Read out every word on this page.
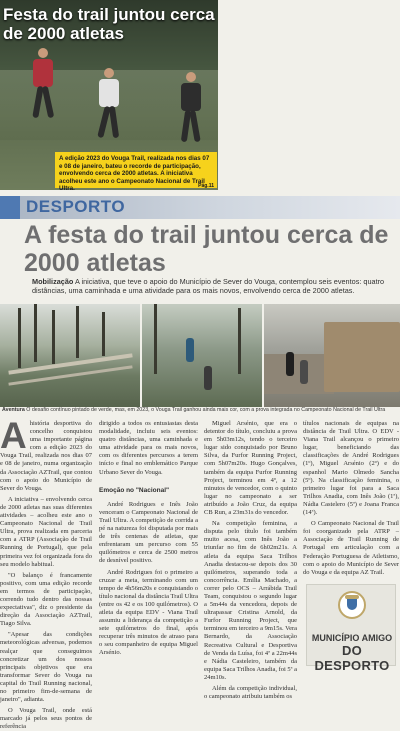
Festa do trail juntou cerca de 2000 atletas
A edição 2023 do Vouga Trail, realizada nos dias 07 e 08 de janeiro, bateu o recorde de participação, envolvendo cerca de 2000 atletas. A iniciativa acolheu este ano o Campeonato Nacional de Trail Ultra.	Pág.11
DESPORTO
A festa do trail juntou cerca de 2000 atletas
Mobilização A iniciativa, que teve o apoio do Município de Sever do Vouga, contemplou seis eventos: quatro distâncias, uma caminhada e uma atividade para os mais novos, envolvendo cerca de 2000 atletas.
Aventura O desafio contínuo pintado de verde, mas, em 2023, o Vouga Trail ganhou ainda mais cor, com a prova integrada no Campeonato Nacional de Trail Ultra

Ahistória desportiva do concelho conquistou uma importante página com a edição 2023 do Vouga Trail, realizada nos dias 07 e 08 de janeiro, numa organização da Associação AZTrail, que contou com o apoio do Município de Sever do Vouga.

A iniciativa – envolvendo cerca de 2000 atletas nas suas diferentes atividades – acolheu este ano o Campeonato Nacional de Trail Ultra, prova realizada em parceria com a ATRP (Associação de Trail Running de Portugal), que pela primeira vez foi organizada fora do seu modelo habitual.

"O balanço é francamente positivo, com uma edição recorde em termos de participação, correndo tudo dentro das nossas expectativas", diz o presidente da direção da Associação AZTrail, Tiago Silva.

"Apesar das condições meteorológicas adversas, podemos realçar que conseguimos concretizar um dos nossos principais objetivos que era transformar Sever do Vouga na capital do Trail Running nacional, no primeiro fim-de-semana de janeiro", adianta.

O Vouga Trail, onde está marcado já pelos seus pontos de referência

dirigido a todos os entusiastas desta modalidade, incluiu seis eventos: quatro distâncias, uma caminhada e uma atividade para os mais novos, com os diferentes percursos a terem início e final no emblemático Parque Urbano Sever do Vouga.

Emoção no "Nacional"

André Rodrigues e Inês João venceram o Campeonato Nacional de Trail Ultra. A competição de corrida a pé na natureza foi disputada por mais de três centenas de atletas, que enfrentaram um percurso com 55 quilómetros e cerca de 2500 metros de desnível positivo.

André Rodrigues foi o primeiro a cruzar a meta, terminando com um tempo de 4h56m20s e conquistando o título nacional da distância Trail Ultra (entre os 42 e os 100 quilómetros). O atleta da equipa EDV - Viana Trail assumiu a liderança da competição a sete quilómetros do final, após recuperar três minutos de atraso para o seu companheiro de equipa Miguel Arsénio.

Miguel Arsénio, que era o detentor do título, concluiu a prova em 5h03m12s, tendo o terceiro lugar sido conquistado por Bruno Silva, da Furfor Running Project, com 5h07m20s. Hugo Gonçalves, também da equipa Furfor Running Project, terminou em 4º, a 12 minutos de vencedor, com o quinto lugar no campeonato a ser atribuído a João Cruz, da equipa CB Run, a 23m31s do vencedor.

Na competição feminina, a disputa pelo título foi também muito acesa, com Inês João a triunfar no fim de 6h02m21s. A atleta da equipa Saca Trilhos Anadia destacou-se depois dos 30 quilómetros, superando toda a concorrência. Emília Machado, a correr pelo OCS – Arrábida Trail Team, conquistou o segundo lugar a 5m44s da vencedora, depois de ultrapassar Cristina Arnold, da Furfor Running Project, que terminou em terceiro a 9m15s. Vera Bernardo, da Associação Recreativa Cultural e Desportiva de Venda da Luísa, foi 4ª a 22m44s e Nádia Casteleiro, também da equipa Saca Trilhos Anadia, foi 5ª a 24m10s.

Além da competição individual, o campeonato atribuiu também os

títulos nacionais de equipas na distância de Trail Ultra. O EDV - Viana Trail alcançou o primeiro lugar, beneficiando das classificações de André Rodrigues (1º), Miguel Arsénio (2º) e do espanhol Mario Olmedo Sancha (5º). Na classificação feminina, o primeiro lugar foi para a Saca Trilhos Anadia, com Inês João (1ª), Nádia Castelero (5ª) e Joana Franca (14ª).

O Campeonato Nacional de Trail foi coorganizado pela ATRP – Associação de Trail Running de Portugal em articulação com a Federação Portuguesa de Atletismo, com o apoio do Município de Sever do Vouga e da equipa AZ Trail.

MUNICÍPIO AMIGO
DO DESPORTO
